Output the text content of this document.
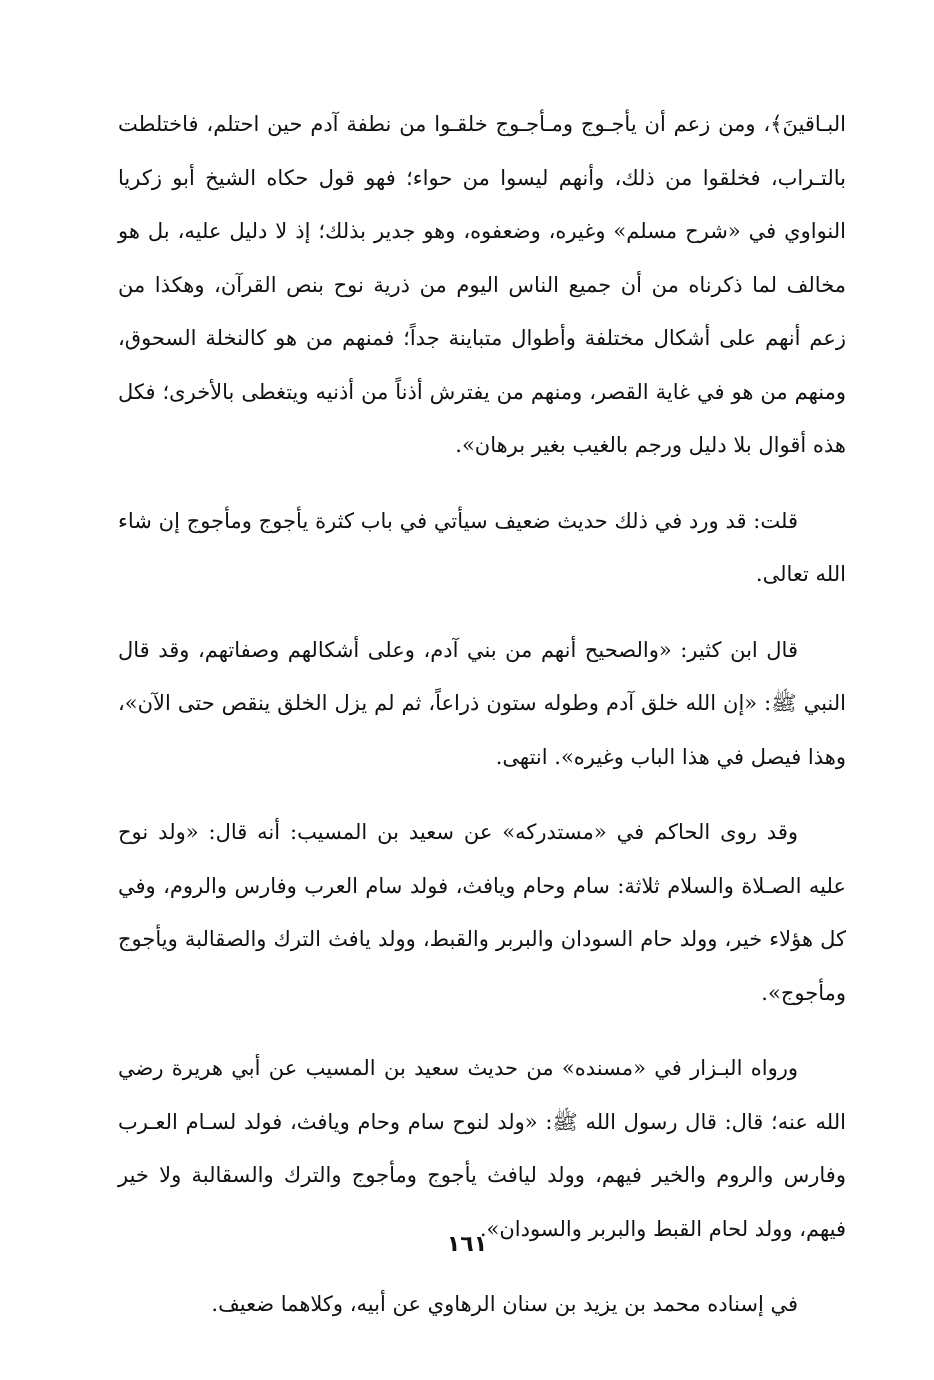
البـاقينَ﴾، ومن زعم أن يأجـوج ومـأجـوج خلقـوا من نطفة آدم حين احتلم، فاختلطت بالتـراب، فخلقوا من ذلك، وأنهم ليسوا من حواء؛ فهو قول حكاه الشيخ أبو زكريا النواوي في «شرح مسلم» وغيره، وضعفوه، وهو جدير بذلك؛ إذ لا دليل عليه، بل هو مخالف لما ذكرناه من أن جميع الناس اليوم من ذرية نوح بنص القرآن، وهكذا من زعم أنهم على أشكال مختلفة وأطوال متباينة جداً؛ فمنهم من هو كالنخلة السحوق، ومنهم من هو في غاية القصر، ومنهم من يفترش أذناً من أذنيه ويتغطى بالأخرى؛ فكل هذه أقوال بلا دليل ورجم بالغيب بغير برهان».

قلت: قد ورد في ذلك حديث ضعيف سيأتي في باب كثرة يأجوج ومأجوج إن شاء الله تعالى.

قال ابن كثير: «والصحيح أنهم من بني آدم، وعلى أشكالهم وصفاتهم، وقد قال النبي ﷺ: «إن الله خلق آدم وطوله ستون ذراعاً، ثم لم يزل الخلق ينقص حتى الآن»، وهذا فيصل في هذا الباب وغيره». انتهى.

وقد روى الحاكم في «مستدركه» عن سعيد بن المسيب: أنه قال: «ولد نوح عليه الصـلاة والسلام ثلاثة: سام وحام ويافث، فولد سام العرب وفارس والروم، وفي كل هؤلاء خير، وولد حام السودان والبربر والقبط، وولد يافث الترك والصقالبة ويأجوج ومأجوج».

ورواه البـزار في «مسنده» من حديث سعيد بن المسيب عن أبي هريرة رضي الله عنه؛ قال: قال رسول الله ﷺ: «ولد لنوح سام وحام ويافث، فولد لسـام العـرب وفارس والروم والخير فيهم، وولد ليافث يأجوج ومأجوج والترك والسقالبة ولا خير فيهم، وولد لحام القبط والبربر والسودان».

في إسناده محمد بن يزيد بن سنان الرهاوي عن أبيه، وكلاهما ضعيف.

١٦١
